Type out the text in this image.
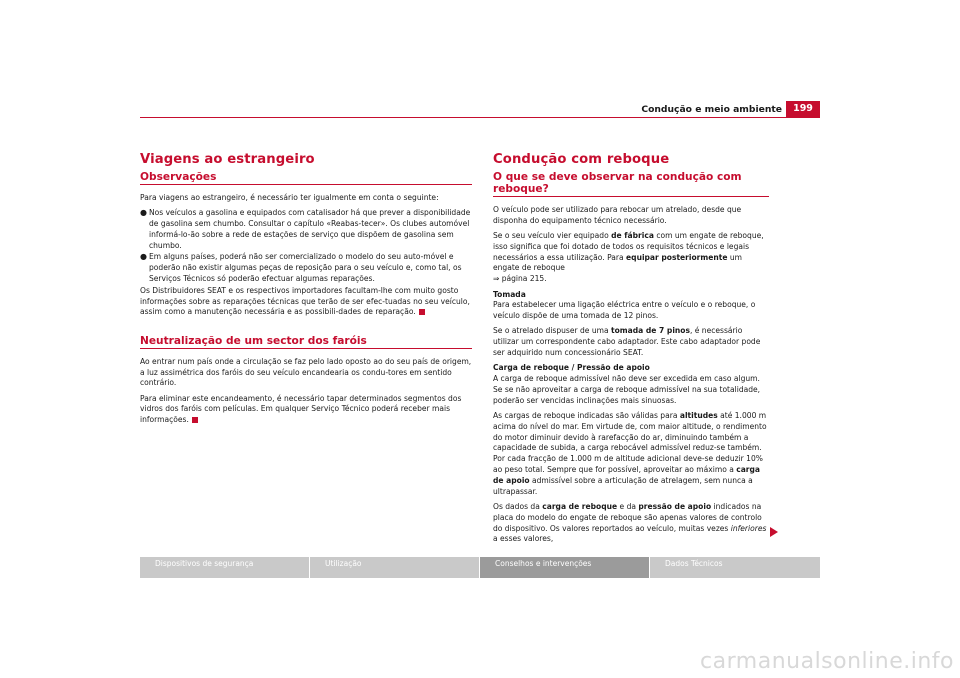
Condução e meio ambiente	199
Viagens ao estrangeiro
Observações

Para viagens ao estrangeiro, é necessário ter igualmente em conta o seguinte:

● Nos veículos a gasolina e equipados com catalisador há que prever a disponibilidade de gasolina sem chumbo. Consultar o capítulo «Reabas-tecer». Os clubes automóvel informá-lo-ão sobre a rede de estações de serviço que dispõem de gasolina sem chumbo.

● Em alguns países, poderá não ser comercializado o modelo do seu auto-móvel e poderão não existir algumas peças de reposição para o seu veículo e, como tal, os Serviços Técnicos só poderão efectuar algumas reparações.

Os Distribuidores SEAT e os respectivos importadores facultam-lhe com muito gosto informações sobre as reparações técnicas que terão de ser efec-tuadas no seu veículo, assim como a manutenção necessária e as possibili-dades de reparação.

Neutralização de um sector dos faróis

Ao entrar num país onde a circulação se faz pelo lado oposto ao do seu país de origem, a luz assimétrica dos faróis do seu veículo encandearia os condu-tores em sentido contrário.

Para eliminar este encandeamento, é necessário tapar determinados segmentos dos vidros dos faróis com películas. Em qualquer Serviço Técnico poderá receber mais informações.

Condução com reboque
O que se deve observar na condução com reboque?

O veículo pode ser utilizado para rebocar um atrelado, desde que disponha do equipamento técnico necessário.

Se o seu veículo vier equipado de fábrica com um engate de reboque, isso significa que foi dotado de todos os requisitos técnicos e legais necessários a essa utilização. Para equipar posteriormente um engate de reboque
⇒ página 215.

Tomada

Para estabelecer uma ligação eléctrica entre o veículo e o reboque, o veículo dispõe de uma tomada de 12 pinos.

Se o atrelado dispuser de uma tomada de 7 pinos, é necessário utilizar um correspondente cabo adaptador. Este cabo adaptador pode ser adquirido num concessionário SEAT.

Carga de reboque / Pressão de apoio

A carga de reboque admissível não deve ser excedida em caso algum. Se se não aproveitar a carga de reboque admissível na sua totalidade, poderão ser vencidas inclinações mais sinuosas.

As cargas de reboque indicadas são válidas para altitudes até 1.000 m acima do nível do mar. Em virtude de, com maior altitude, o rendimento do motor diminuir devido à rarefacção do ar, diminuindo também a capacidade de subida, a carga rebocável admissível reduz-se também. Por cada fracção de 1.000 m de altitude adicional deve-se deduzir 10% ao peso total. Sempre que for possível, aproveitar ao máximo a carga de apoio admissível sobre a articulação de atrelagem, sem nunca a ultrapassar.

Os dados da carga de reboque e da pressão de apoio indicados na placa do modelo do engate de reboque são apenas valores de controlo do dispositivo. Os valores reportados ao veículo, muitas vezes inferiores a esses valores,

Dispositivos de segurança	Utilização	Conselhos e intervenções	Dados Técnicos
carmanualsonline.info
